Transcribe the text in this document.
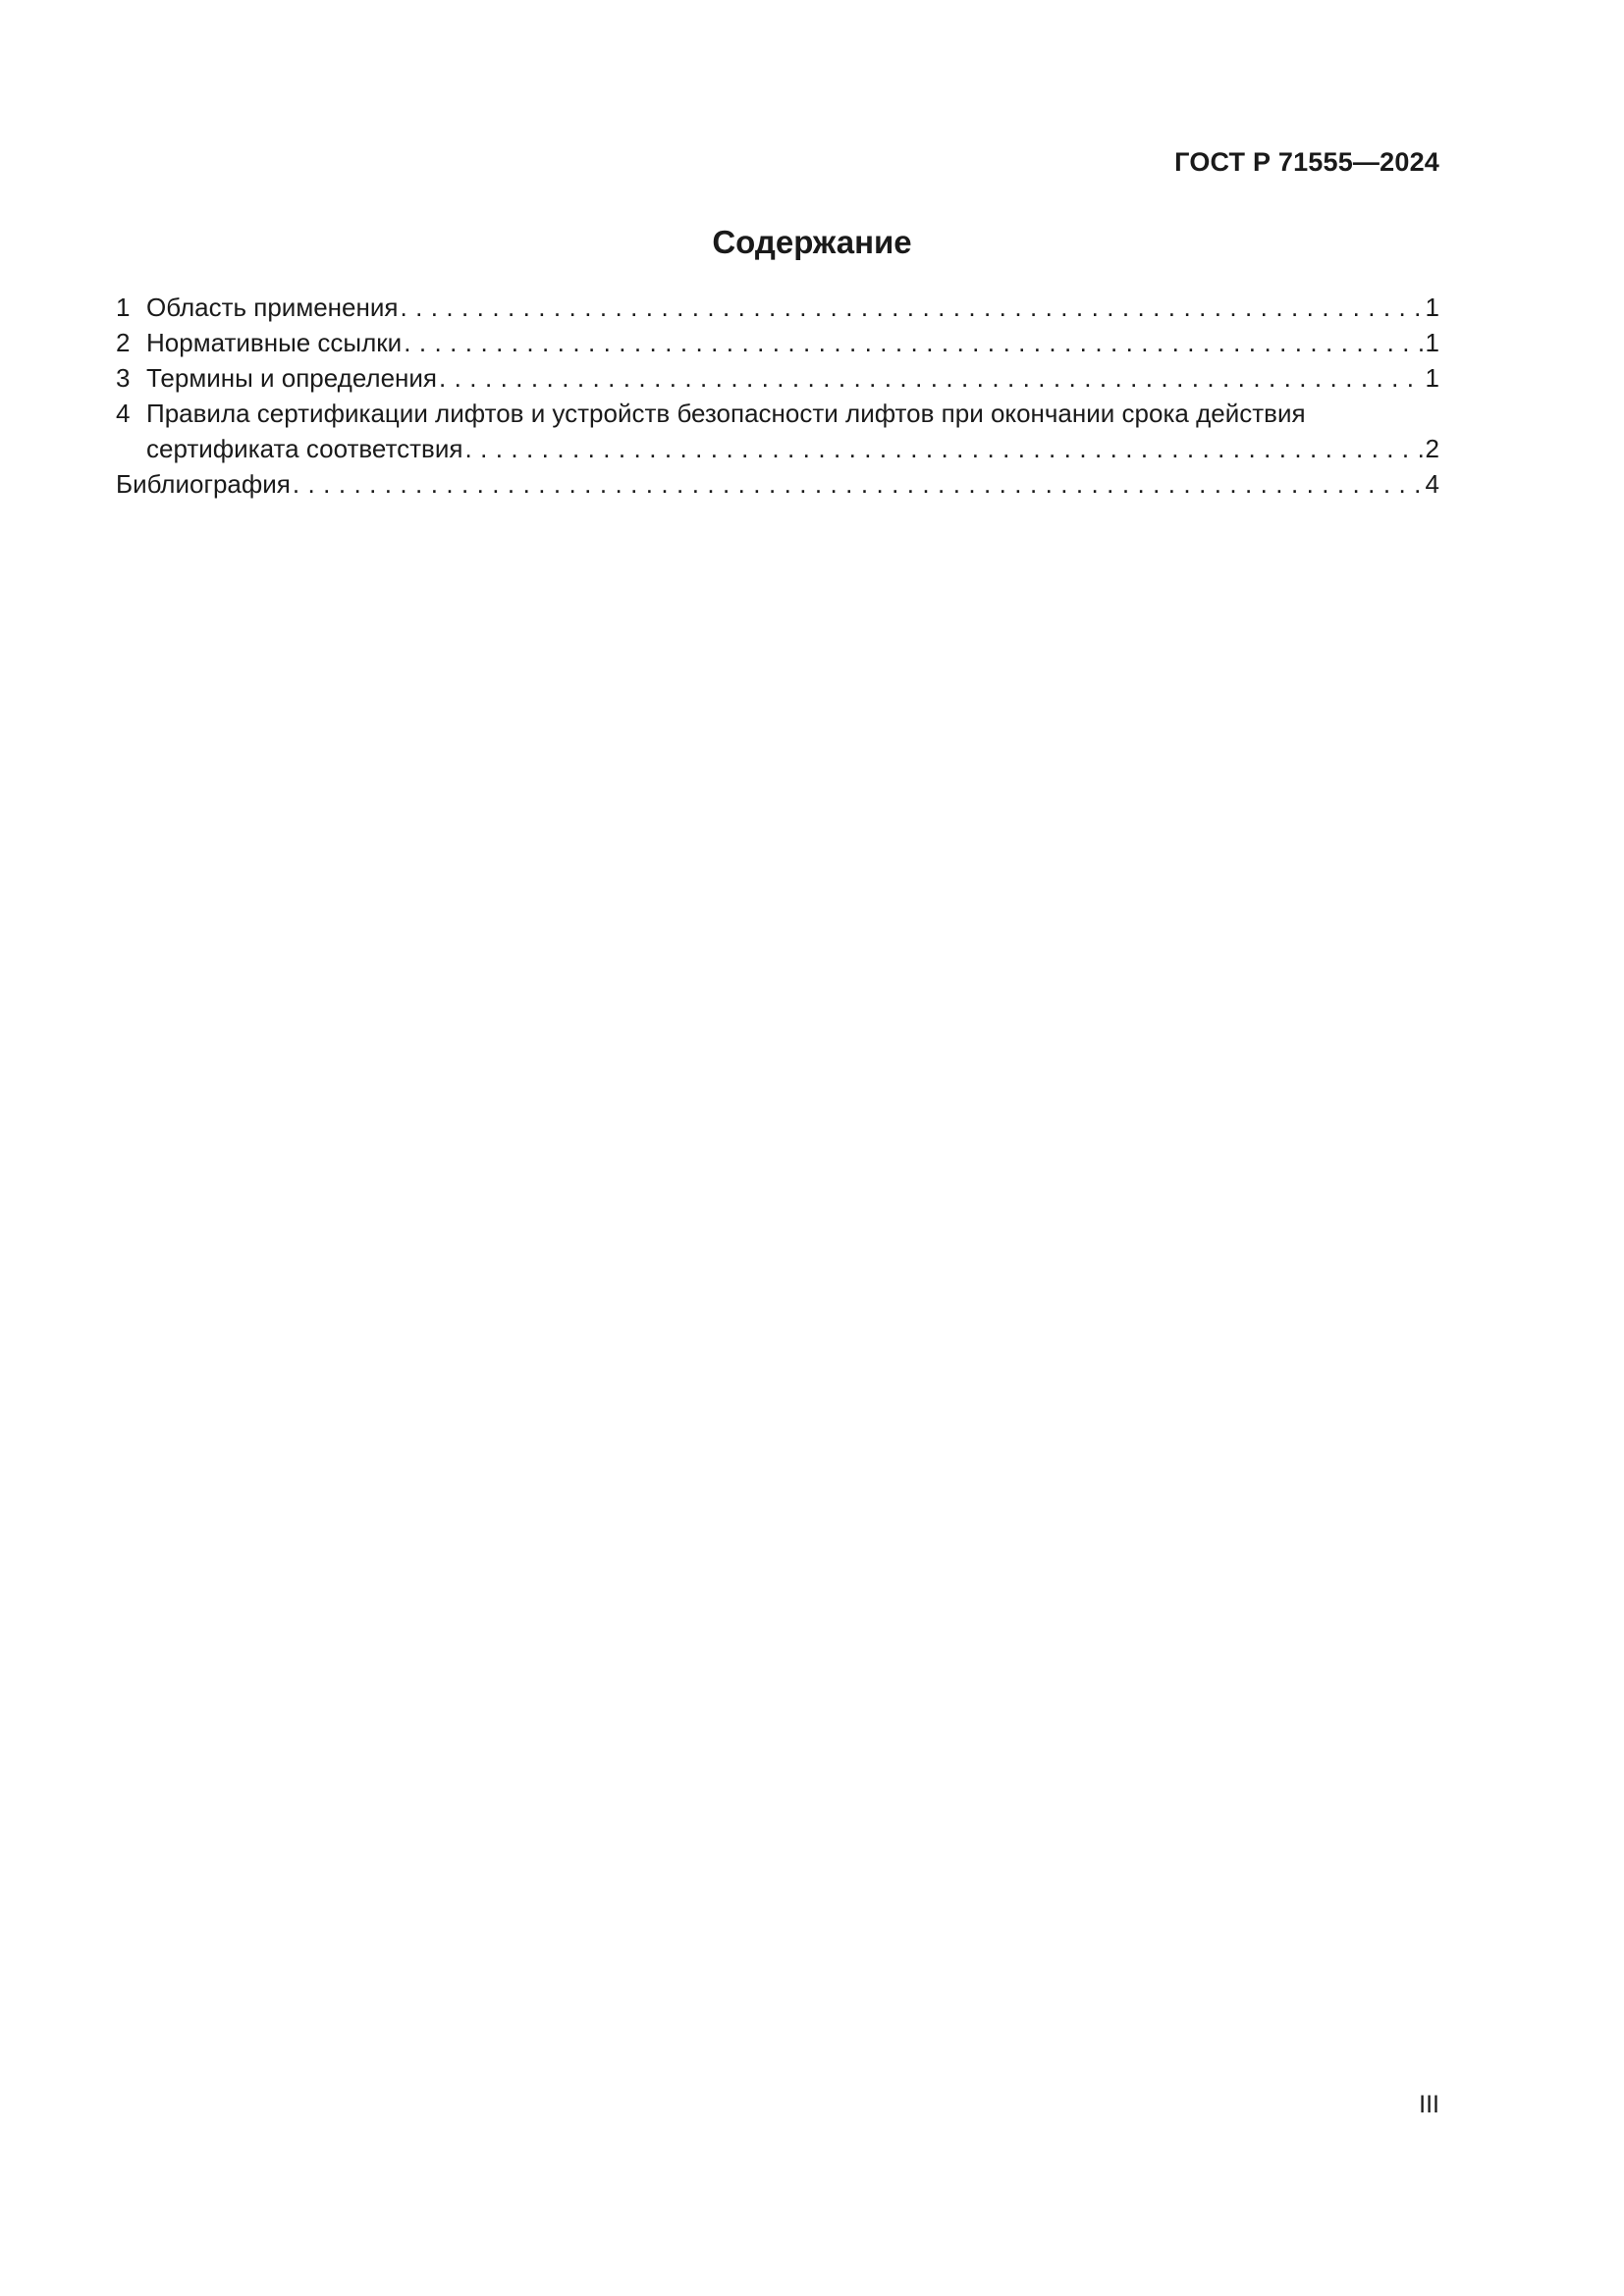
ГОСТ Р 71555—2024
Содержание
1 Область применения . . .	1
2 Нормативные ссылки . . .	1
3 Термины и определения . . .	1
4 Правила сертификации лифтов и устройств безопасности лифтов при окончании срока действия
сертификата соответствия . . .	2
Библиография . . .	4
III
